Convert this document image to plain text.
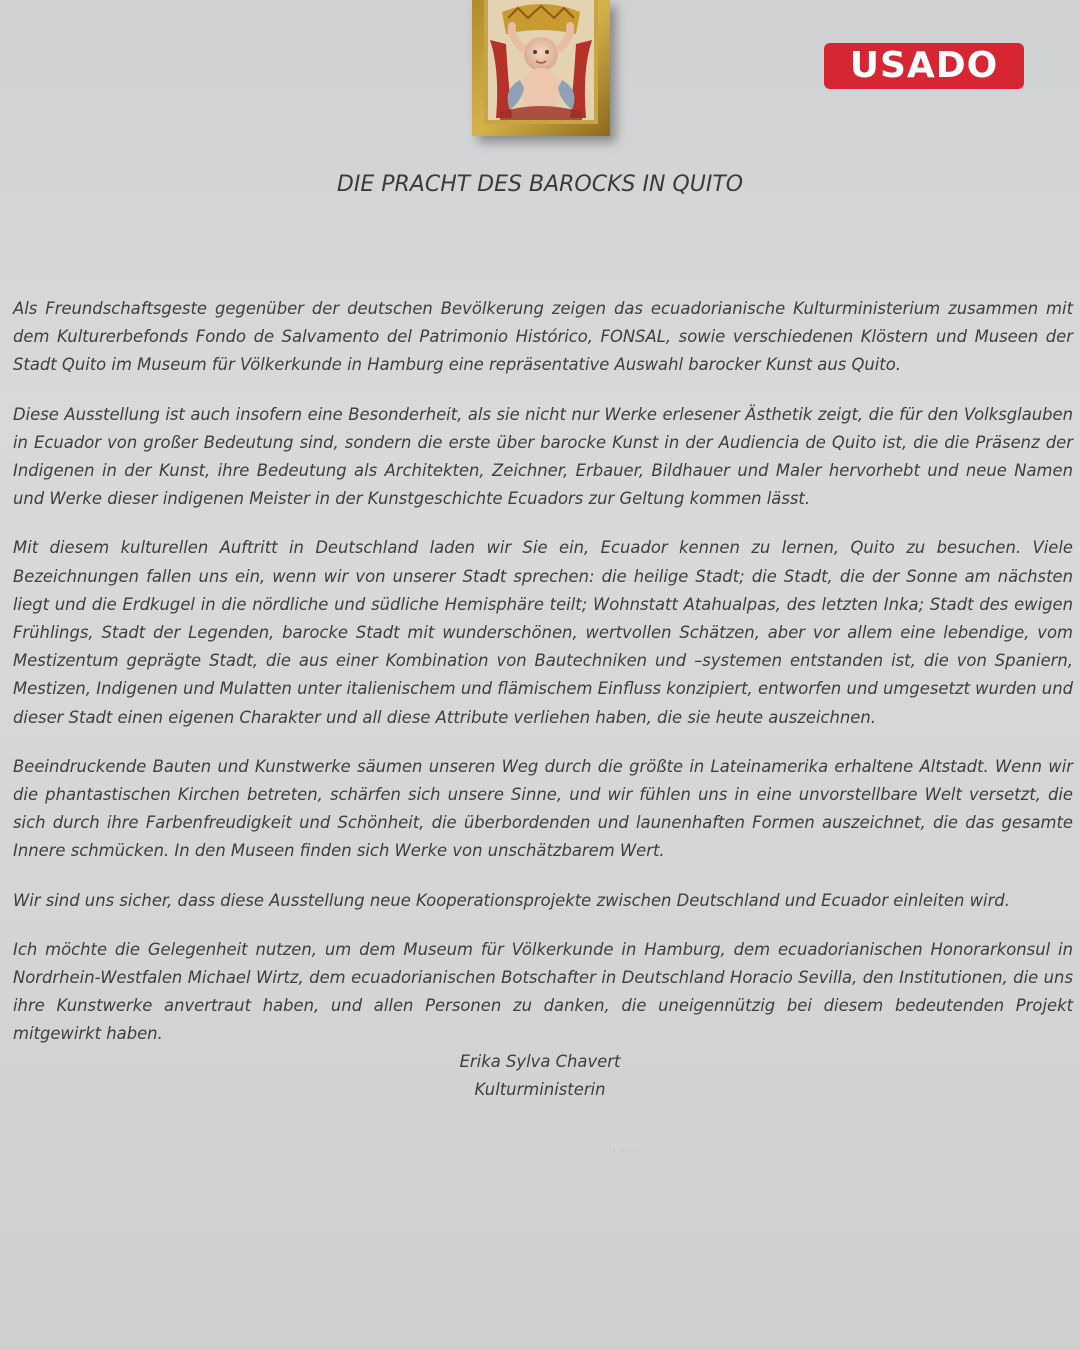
USADO
DIE PRACHT DES BAROCKS IN QUITO

Als Freundschaftsgeste gegenüber der deutschen Bevölkerung zeigen das ecuadorianische Kulturministerium zusammen mit dem Kulturerbefonds Fondo de Salvamento del Patrimonio Histórico, FONSAL, sowie verschiedenen Klöstern und Museen der Stadt Quito im Museum für Völkerkunde in Hamburg eine repräsentative Auswahl barocker Kunst aus Quito.

Diese Ausstellung ist auch insofern eine Besonderheit, als sie nicht nur Werke erlesener Ästhetik zeigt, die für den Volksglauben in Ecuador von großer Bedeutung sind, sondern die erste über barocke Kunst in der Audiencia de Quito ist, die die Präsenz der Indigenen in der Kunst, ihre Bedeutung als Architekten, Zeichner, Erbauer, Bildhauer und Maler hervorhebt und neue Namen und Werke dieser indigenen Meister in der Kunstgeschichte Ecuadors zur Geltung kommen lässt.

Mit diesem kulturellen Auftritt in Deutschland laden wir Sie ein, Ecuador kennen zu lernen, Quito zu besuchen. Viele Bezeichnungen fallen uns ein, wenn wir von unserer Stadt sprechen: die heilige Stadt; die Stadt, die der Sonne am nächsten liegt und die Erdkugel in die nördliche und südliche Hemisphäre teilt; Wohnstatt Atahualpas, des letzten Inka; Stadt des ewigen Frühlings, Stadt der Legenden, barocke Stadt mit wunderschönen, wertvollen Schätzen, aber vor allem eine lebendige, vom Mestizentum geprägte Stadt, die aus einer Kombination von Bautechniken und –systemen entstanden ist, die von Spaniern, Mestizen, Indigenen und Mulatten unter italienischem und flämischem Einfluss konzipiert, entworfen und umgesetzt wurden und dieser Stadt einen eigenen Charakter und all diese Attribute verliehen haben, die sie heute auszeichnen.

Beeindruckende Bauten und Kunstwerke säumen unseren Weg durch die größte in Lateinamerika erhaltene Altstadt. Wenn wir die phantastischen Kirchen betreten, schärfen sich unsere Sinne, und wir fühlen uns in eine unvorstellbare Welt versetzt, die sich durch ihre Farbenfreudigkeit und Schönheit, die überbordenden und launenhaften Formen auszeichnet, die das gesamte Innere schmücken. In den Museen finden sich Werke von unschätzbarem Wert.

Wir sind uns sicher, dass diese Ausstellung neue Kooperationsprojekte zwischen Deutschland und Ecuador einleiten wird.

Ich möchte die Gelegenheit nutzen, um dem Museum für Völkerkunde in Hamburg, dem ecuadorianischen Honorarkonsul in Nordrhein-Westfalen Michael Wirtz, dem ecuadorianischen Botschafter in Deutschland Horacio Sevilla, den Institutionen, die uns ihre Kunstwerke anvertraut haben, und allen Personen zu danken, die uneigennützig bei diesem bedeutenden Projekt mitgewirkt haben.

Erika Sylva Chavert
Kulturministerin
···
